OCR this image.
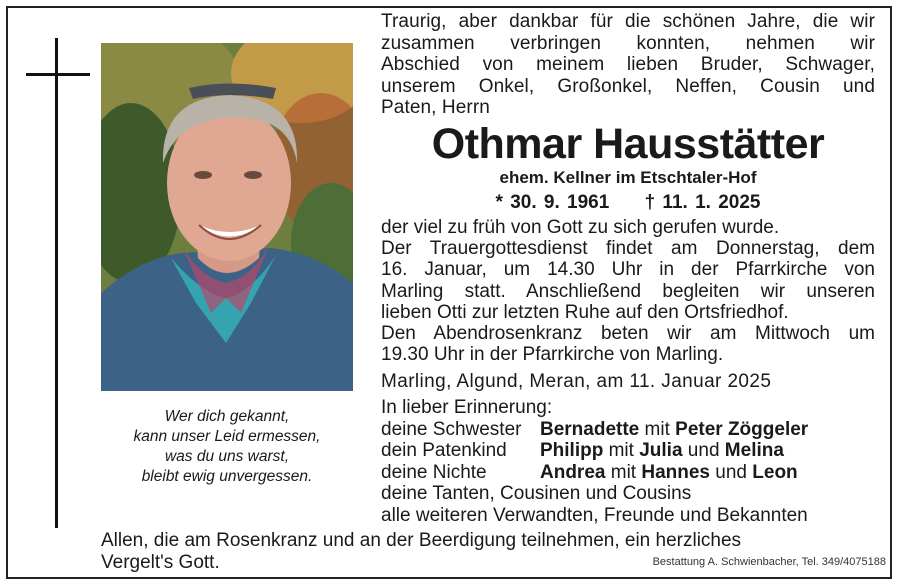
Wer dich gekannt,
kann unser Leid ermessen,
was du uns warst,
bleibt ewig unvergessen.
Traurig, aber dankbar für die schönen Jahre, die wir
zusammen verbringen konnten, nehmen wir
Abschied von meinem lieben Bruder, Schwager,
unserem Onkel, Großonkel, Neffen, Cousin und
Paten, Herrn
Othmar Hausstätter
ehem. Kellner im Etschtaler-Hof
* 30. 9. 1961 † 11. 1. 2025
der viel zu früh von Gott zu sich gerufen wurde.
Der Trauergottesdienst findet am Donnerstag, dem
16. Januar, um 14.30 Uhr in der Pfarrkirche von
Marling statt. Anschließend begleiten wir unseren
lieben Otti zur letzten Ruhe auf den Ortsfriedhof.
Den Abendrosenkranz beten wir am Mittwoch um
19.30 Uhr in der Pfarrkirche von Marling.
Marling, Algund, Meran, am 11. Januar 2025
In lieber Erinnerung:
deine Schwester Bernadette mit Peter Zöggeler
dein Patenkind	Philipp mit Julia und Melina
deine Nichte	Andrea mit Hannes und Leon
deine Tanten, Cousinen und Cousins
alle weiteren Verwandten, Freunde und Bekannten
Allen, die am Rosenkranz und an der Beerdigung teilnehmen, ein herzliches
Vergelt's Gott.	Bestattung A. Schwienbacher, Tel. 349/4075188
